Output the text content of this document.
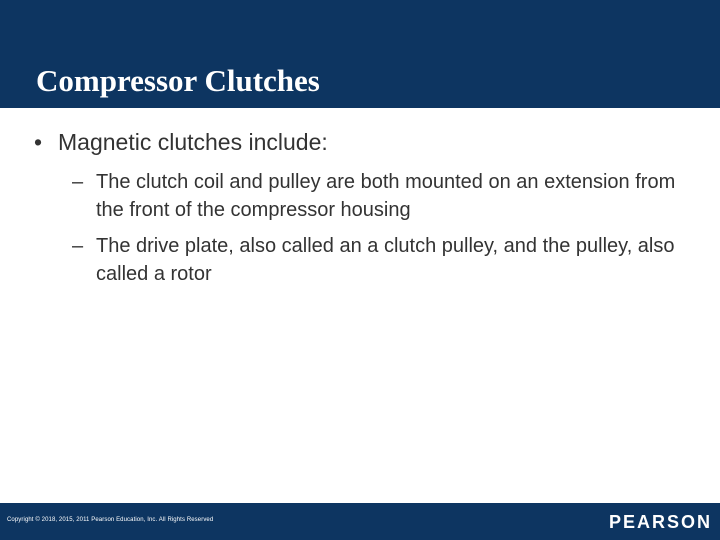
Compressor Clutches
• Magnetic clutches include:
– The clutch coil and pulley are both mounted on an extension from the front of the compressor housing
– The drive plate, also called an a clutch pulley, and the pulley, also called a rotor
Copyright © 2018, 2015, 2011 Pearson Education, Inc. All Rights Reserved	PEARSON
